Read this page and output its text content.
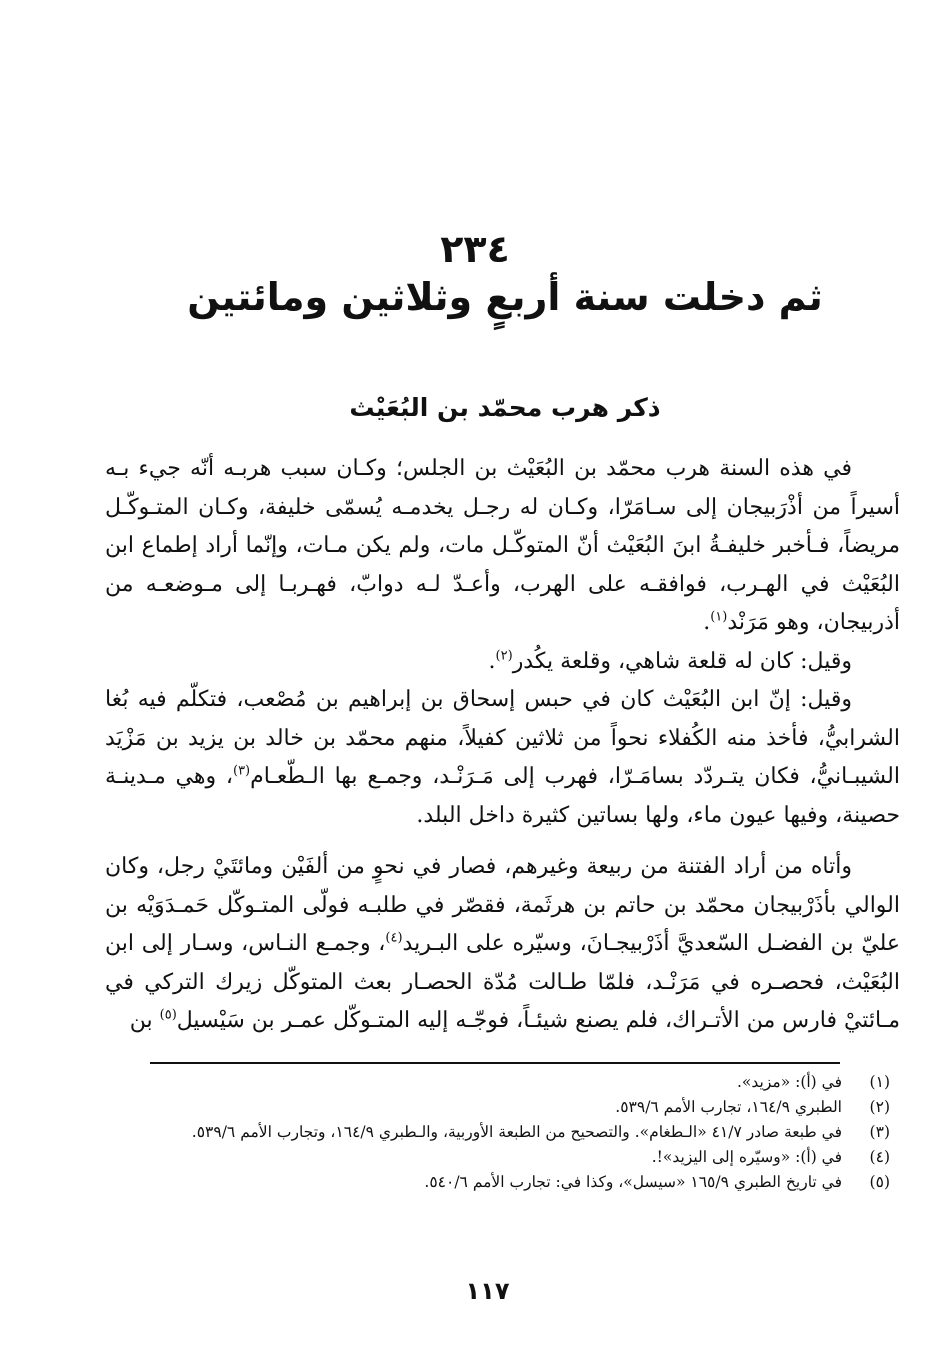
٢٣٤
ثم دخلت سنة أربعٍ وثلاثين ومائتين
ذكر هرب محمّد بن البُعَيْث

في هذه السنة هرب محمّد بن البُعَيْث بن الجلس؛ وكـان سبب هربـه أنّه جيء بـه أسيراً من أذْرَبيجان إلى سـامَرّا، وكـان له رجـل يخدمـه يُسمّى خليفة، وكـان المتـوكّـل مريضاً، فـأخبر خليفـةُ ابنَ البُعَيْث أنّ المتوكّـل مات، ولم يكن مـات، وإنّما أراد إطماع ابن البُعَيْث في الهـرب، فوافقـه على الهرب، وأعـدّ لـه دوابّ، فهـربـا إلى مـوضعـه من أذربيجان، وهو مَرَنْد$^{(١)}$.

وقيل: كان له قلعة شاهي، وقلعة يكُدر$^{(٢)}$.

وقيل: إنّ ابن البُعَيْث كان في حبس إسحاق بن إبراهيم بن مُصْعب، فتكلّم فيه بُغا الشرابيُّ، فأخذ منه الكُفلاء نحواً من ثلاثين كفيلاً، منهم محمّد بن خالد بن يزيد بن مَزْيَد الشيبـانيُّ، فكان يتـردّد بسامَـرّا، فهرب إلى مَـرَنْـد، وجمـع بها الـطّعـام$^{(٣)}$، وهي مـدينـة حصينة، وفيها عيون ماء، ولها بساتين كثيرة داخل البلد.

وأتاه من أراد الفتنة من ربيعة وغيرهم، فصار في نحوٍ من ألفَيْن ومائتَيْ رجل، وكان الوالي بأذَرْبيجان محمّد بن حاتم بن هرثَمة، فقصّر في طلبـه فولّى المتـوكّل حَمـدَوَيْه بن عليّ بن الفضـل السّعديَّ أذَرْبيجـانَ، وسيّره على البـريد$^{(٤)}$، وجمـع النـاس، وسـار إلى ابن البُعَيْث، فحصـره في مَرَنْـد، فلمّا طـالت مُدّة الحصـار بعث المتوكّل زيرك التركي في مـائتيْ فارس من الأتـراك، فلم يصنع شيئـاً، فوجّـه إليه المتـوكّل عمـر بن سَيْسيل$^{(٥)}$ بن

(١)
في (أ): «مزيد».
(٢)
الطبري ١٦٤/٩، تجارب الأمم ٥٣٩/٦.
(٣)
في طبعة صادر ٤١/٧ «الـطغام». والتصحيح من الطبعة الأوربية، والـطبري ١٦٤/٩، وتجارب الأمم ٥٣٩/٦.
(٤)
في (أ): «وسيّره إلى اليزيد»!.
(٥)
في تاريخ الطبري ١٦٥/٩ «سيسل»، وكذا في: تجارب الأمم ٥٤٠/٦.
١١٧
